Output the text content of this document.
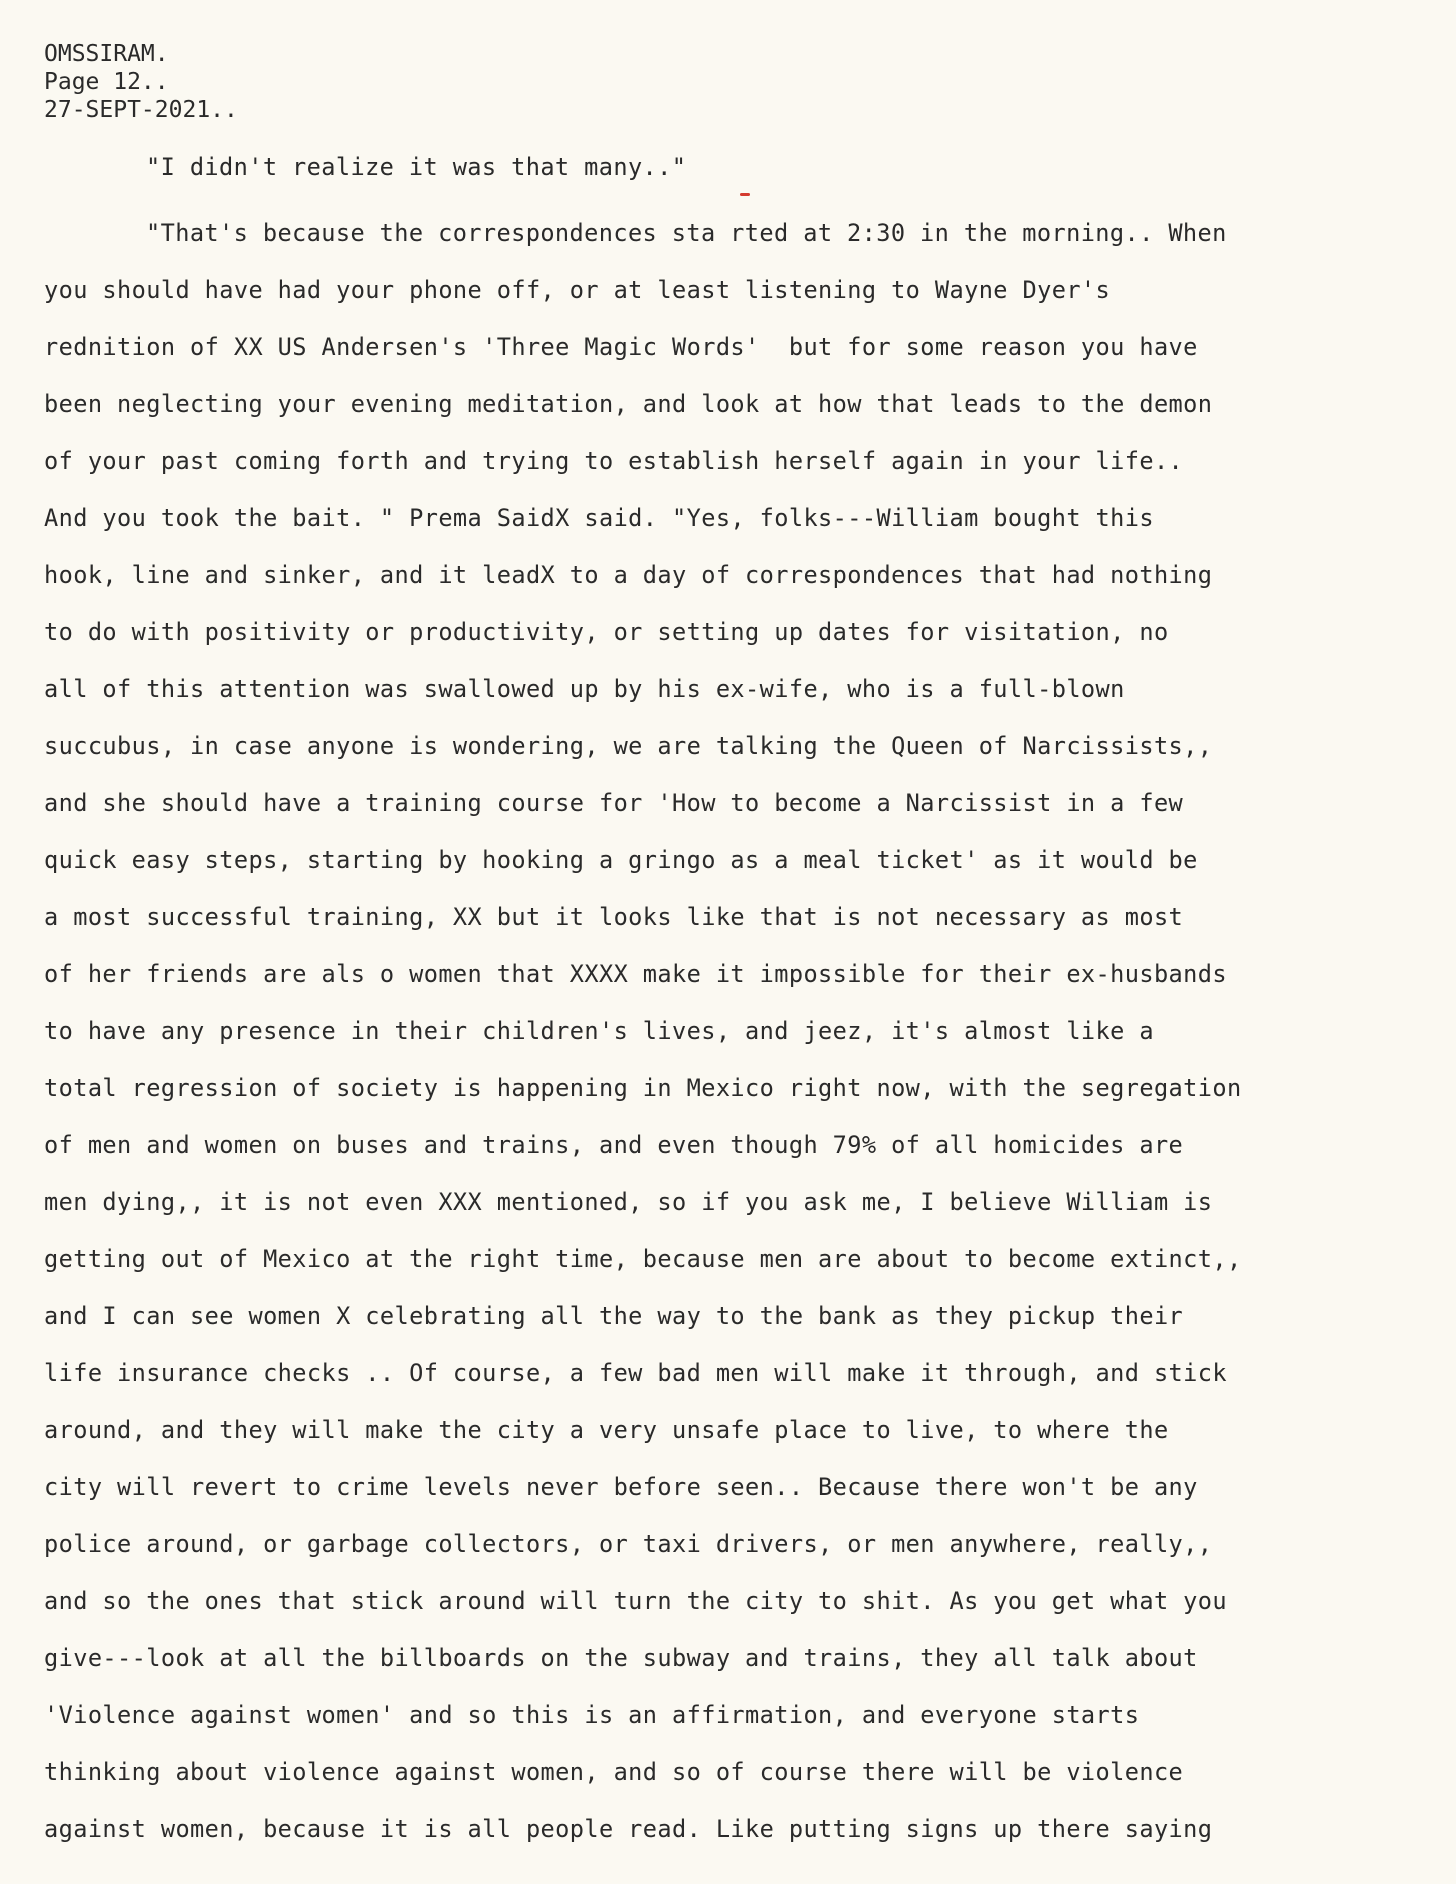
OMSSIRAM.
Page 12..
27-SEPT-2021..
"I didn't realize it was that many.."
"That's because the correspondences sta rted at 2:30 in the morning.. When
you should have had your phone off, or at least listening to Wayne Dyer's
rednition of XX US Andersen's 'Three Magic Words'  but for some reason you have
been neglecting your evening meditation, and look at how that leads to the demon
of your past coming forth and trying to establish herself again in your life..
And you took the bait. " Prema SaidX said. "Yes, folks---William bought this
hook, line and sinker, and it leadX to a day of correspondences that had nothing
to do with positivity or productivity, or setting up dates for visitation, no
all of this attention was swallowed up by his ex-wife, who is a full-blown
succubus, in case anyone is wondering, we are talking the Queen of Narcissists,,
and she should have a training course for 'How to become a Narcissist in a few
quick easy steps, starting by hooking a gringo as a meal ticket' as it would be
a most successful training, XX but it looks like that is not necessary as most
of her friends are als o women that XXXX make it impossible for their ex-husbands
to have any presence in their children's lives, and jeez, it's almost like a
total regression of society is happening in Mexico right now, with the segregation
of men and women on buses and trains, and even though 79% of all homicides are
men dying,, it is not even XXX mentioned, so if you ask me, I believe William is
getting out of Mexico at the right time, because men are about to become extinct,,
and I can see women X celebrating all the way to the bank as they pickup their
life insurance checks .. Of course, a few bad men will make it through, and stick
around, and they will make the city a very unsafe place to live, to where the
city will revert to crime levels never before seen.. Because there won't be any
police around, or garbage collectors, or taxi drivers, or men anywhere, really,,
and so the ones that stick around will turn the city to shit. As you get what you
give---look at all the billboards on the subway and trains, they all talk about
'Violence against women' and so this is an affirmation, and everyone starts
thinking about violence against women, and so of course there will be violence
against women, because it is all people read. Like putting signs up there saying
